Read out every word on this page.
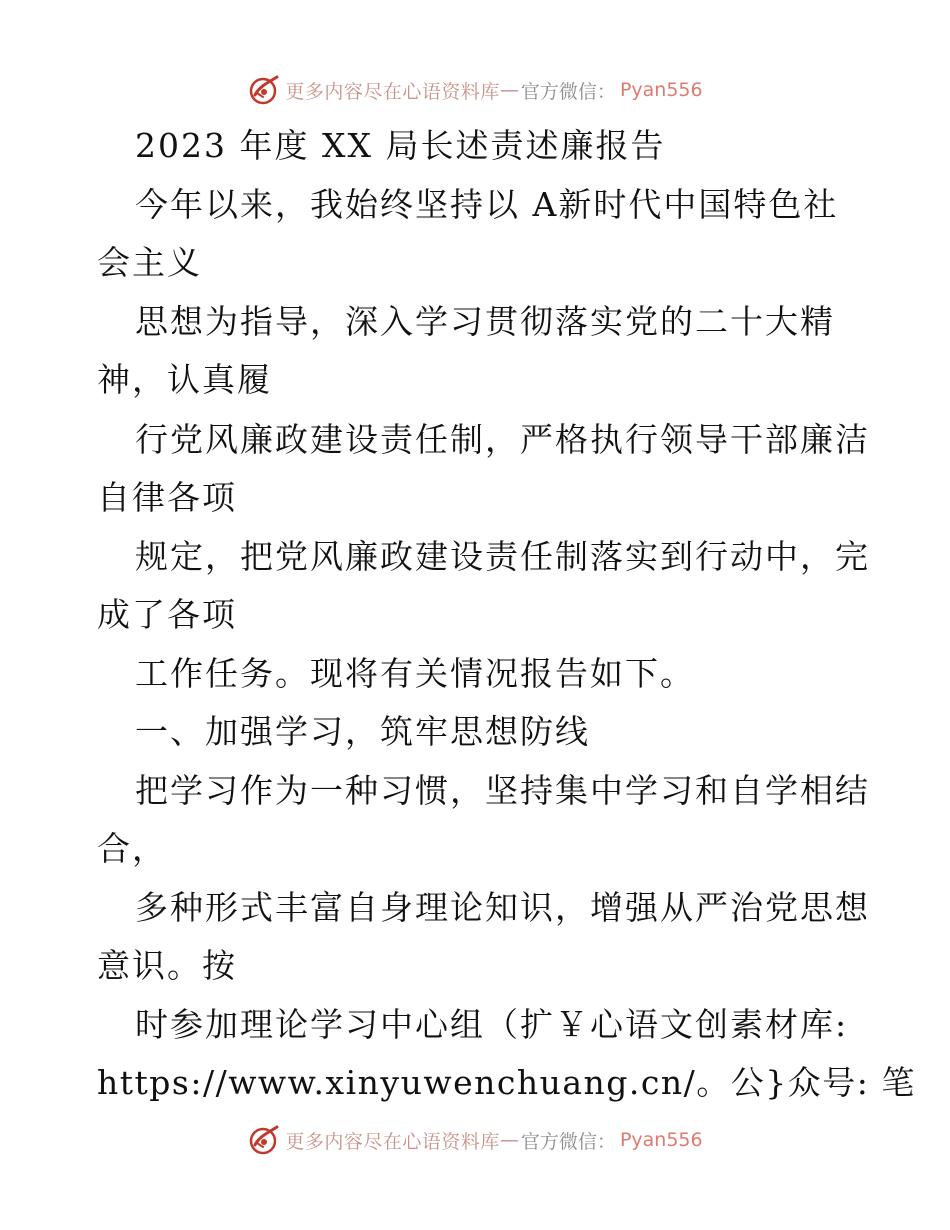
更多内容尽在心语资料库 — 官方微信： Pyan556
2023 年度 XX 局长述责述廉报告
今年以来，我始终坚持以 A新时代中国特色社
会主义
思想为指导，深入学习贯彻落实党的二十大精
神，认真履
行党风廉政建设责任制，严格执行领导干部廉洁
自律各项
规定，把党风廉政建设责任制落实到行动中，完
成了各项
工作任务。现将有关情况报告如下。
一、加强学习，筑牢思想防线
把学习作为一种习惯，坚持集中学习和自学相结
合，
多种形式丰富自身理论知识，增强从严治党思想
意识。按
时参加理论学习中心组（扩￥心语文创素材库:
https://www.xinyuwenchuang.cn/。公}众号: 笔
更多内容尽在心语资料库 — 官方微信： Pyan556
